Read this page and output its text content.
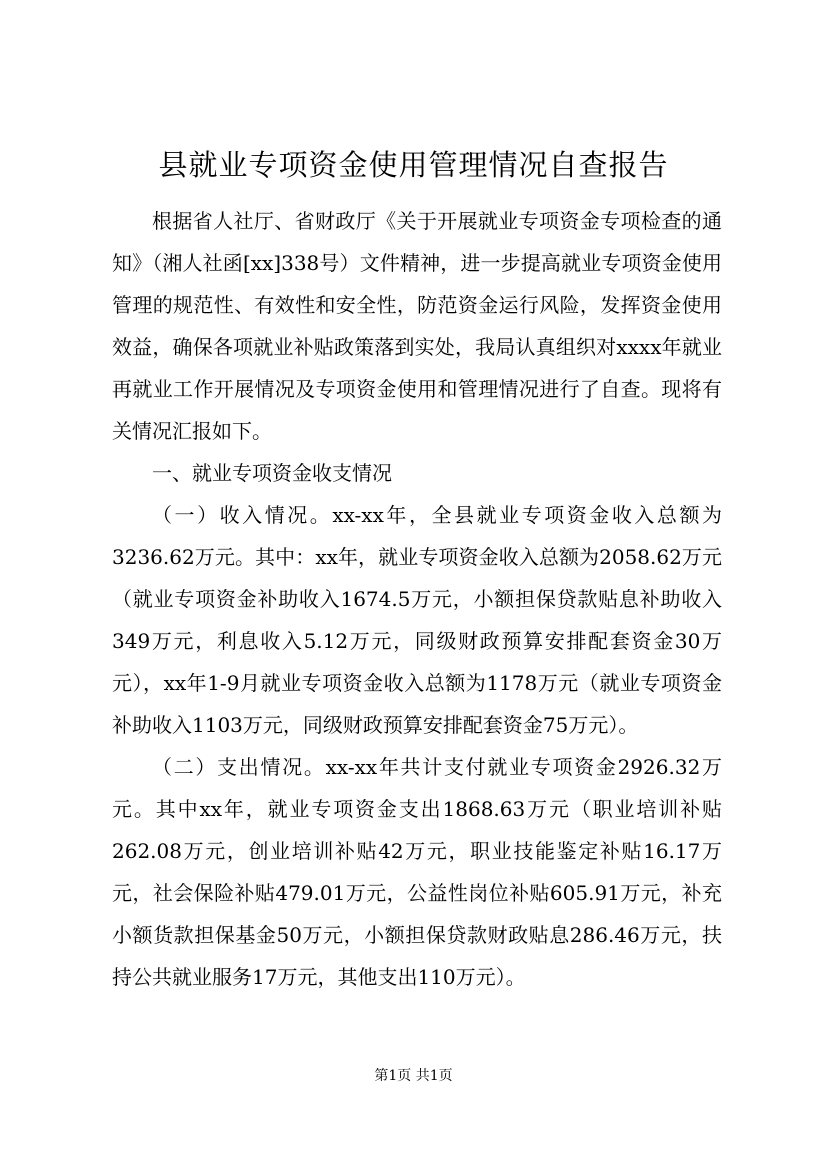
县就业专项资金使用管理情况自查报告

根据省人社厅、省财政厅《关于开展就业专项资金专项检查的通知》（湘人社函[xx]338号）文件精神，进一步提高就业专项资金使用管理的规范性、有效性和安全性，防范资金运行风险，发挥资金使用效益，确保各项就业补贴政策落到实处，我局认真组织对xxxx年就业再就业工作开展情况及专项资金使用和管理情况进行了自查。现将有关情况汇报如下。

一、就业专项资金收支情况

（一）收入情况。xx-xx年，全县就业专项资金收入总额为3236.62万元。其中：xx年，就业专项资金收入总额为2058.62万元（就业专项资金补助收入1674.5万元，小额担保贷款贴息补助收入349万元，利息收入5.12万元，同级财政预算安排配套资金30万元），xx年1-9月就业专项资金收入总额为1178万元（就业专项资金补助收入1103万元，同级财政预算安排配套资金75万元）。

（二）支出情况。xx-xx年共计支付就业专项资金2926.32万元。其中xx年，就业专项资金支出1868.63万元（职业培训补贴262.08万元，创业培训补贴42万元，职业技能鉴定补贴16.17万元，社会保险补贴479.01万元，公益性岗位补贴605.91万元，补充小额货款担保基金50万元，小额担保贷款财政贴息286.46万元，扶持公共就业服务17万元，其他支出110万元）。

第1页 共1页
